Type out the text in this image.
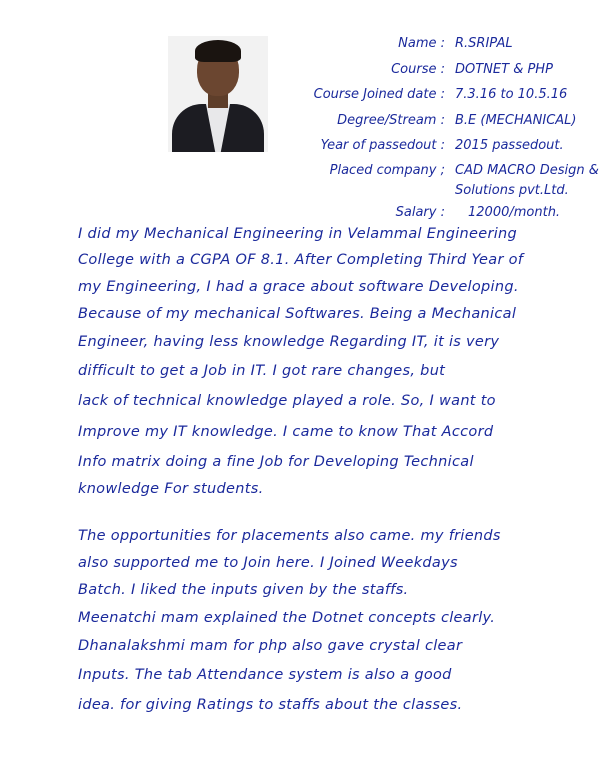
Name : R.SRIPAL
Course : DOTNET & PHP
Course Joined date : 7.3.16 to 10.5.16
Degree/Stream : B.E (MECHANICAL)
Year of passedout : 2015 passedout.
Placed company ; CAD MACRO Design &
Solutions pvt.Ltd.
Salary : 12000/month.
I did my Mechanical Engineering in Velammal Engineering
College with a CGPA OF 8.1. After Completing Third Year of
my Engineering, I had a grace about software Developing.
Because of my mechanical Softwares. Being a Mechanical
Engineer, having less knowledge Regarding IT, it is very
difficult to get a Job in IT. I got rare changes, but
lack of technical knowledge played a role. So, I want to
Improve my IT knowledge. I came to know That Accord
Info matrix doing a fine Job for Developing Technical
knowledge For students.
The opportunities for placements also came. my friends
also supported me to Join here. I Joined Weekdays
Batch. I liked the inputs given by the staffs.
Meenatchi mam explained the Dotnet concepts clearly.
Dhanalakshmi mam for php also gave crystal clear
Inputs. The tab Attendance system is also a good
idea. for giving Ratings to staffs about the classes.
